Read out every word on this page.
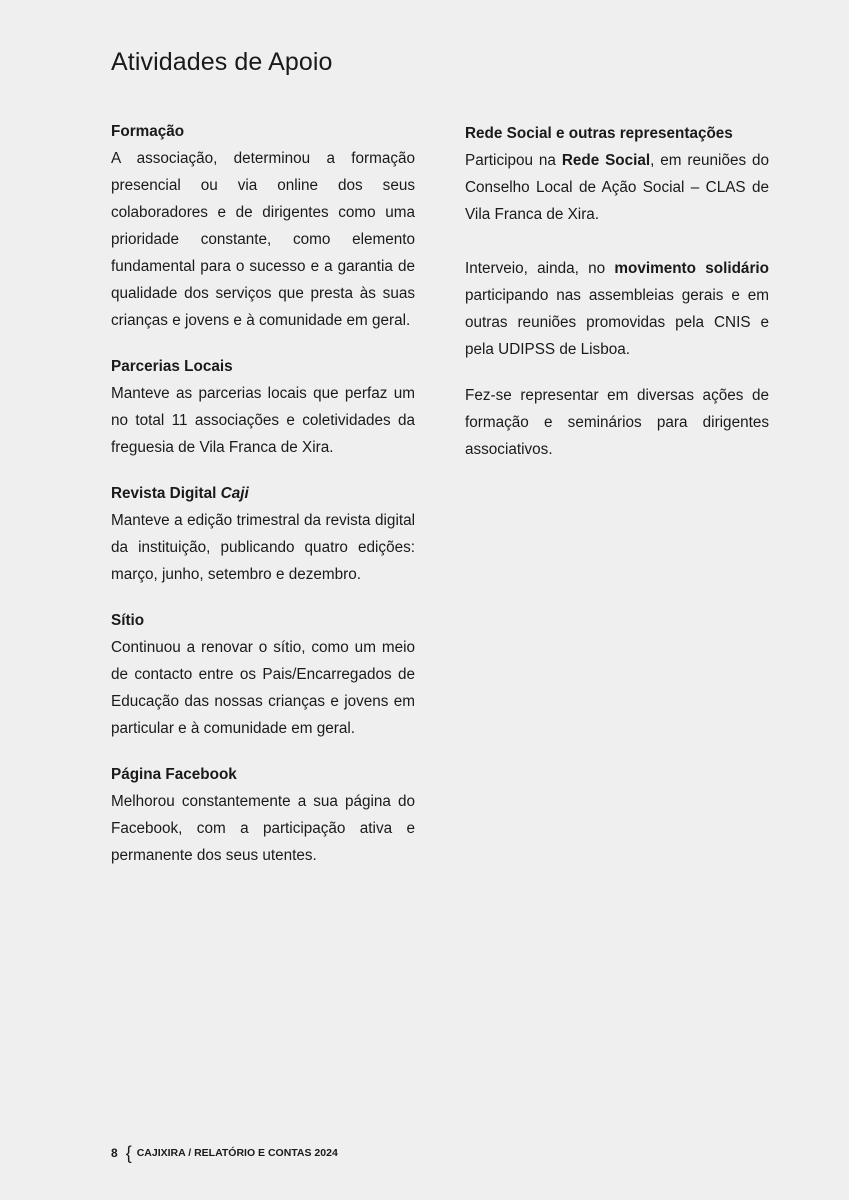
Atividades de Apoio

Formação

A associação, determinou a formação presencial ou via online dos seus colaboradores e de dirigentes como uma prioridade constante, como elemento fundamental para o sucesso e a garantia de qualidade dos serviços que presta às suas crianças e jovens e à comunidade em geral.

Parcerias Locais

Manteve as parcerias locais que perfaz um no total 11 associações e coletividades da freguesia de Vila Franca de Xira.

Revista Digital Caji

Manteve a edição trimestral da revista digital da instituição, publicando quatro edições: março, junho, setembro e dezembro.

Sítio

Continuou a renovar o sítio, como um meio de contacto entre os Pais/Encarregados de Educação das nossas crianças e jovens em particular e à comunidade em geral.

Página Facebook

Melhorou constantemente a sua página do Facebook, com a participação ativa e permanente dos seus utentes.

Rede Social e outras representações

Participou na Rede Social, em reuniões do Conselho Local de Ação Social – CLAS de Vila Franca de Xira.

Interveio, ainda, no movimento solidário participando nas assembleias gerais e em outras reuniões promovidas pela CNIS e pela UDIPSS de Lisboa.

Fez-se representar em diversas ações de formação e seminários para dirigentes associativos.

8 { CAJIXIRA / RELATÓRIO E CONTAS 2024
